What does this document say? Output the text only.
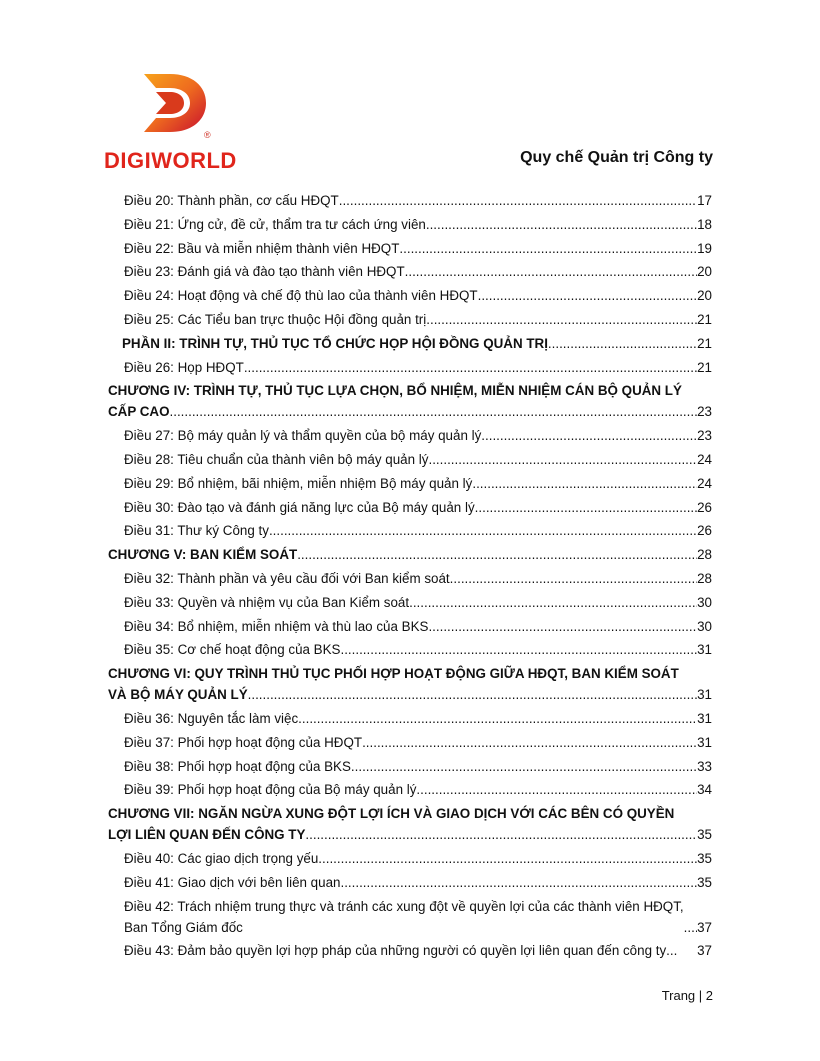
®
DIGIWORLD	Quy chế Quản trị Công ty
Điều 20: Thành phần, cơ cấu HĐQT .....	17
Điều 21: Ứng cử, đề cử, thẩm tra tư cách ứng viên .....	18
Điều 22: Bầu và miễn nhiệm thành viên HĐQT .....	19
Điều 23: Đánh giá và đào tạo thành viên HĐQT .....	20
Điều 24: Hoạt động và chế độ thù lao của thành viên HĐQT .....	20
Điều 25: Các Tiểu ban trực thuộc Hội đồng quản trị .....	21
PHẦN II: TRÌNH TỰ, THỦ TỤC TỔ CHỨC HỌP HỘI ĐỒNG QUẢN TRỊ .....	21
Điều 26: Họp HĐQT .....	21
CHƯƠNG IV: TRÌNH TỰ, THỦ TỤC LỰA CHỌN, BỔ NHIỆM, MIỄN NHIỆM CÁN BỘ QUẢN LÝ
CẤP CAO .....	23
Điều 27: Bộ máy quản lý và thẩm quyền của bộ máy quản lý .....	23
Điều 28: Tiêu chuẩn của thành viên bộ máy quản lý .....	24
Điều 29: Bổ nhiệm, bãi nhiệm, miễn nhiệm Bộ máy quản lý .....	24
Điều 30: Đào tạo và đánh giá năng lực của Bộ máy quản lý .....	26
Điều 31: Thư ký Công ty .....	26
CHƯƠNG V: BAN KIỂM SOÁT .....	28
Điều 32: Thành phần và yêu cầu đối với Ban kiểm soát .....	28
Điều 33: Quyền và nhiệm vụ của Ban Kiểm soát .....	30
Điều 34: Bổ nhiệm, miễn nhiệm và thù lao của BKS .....	30
Điều 35: Cơ chế hoạt động của BKS .....	31
CHƯƠNG VI: QUY TRÌNH THỦ TỤC PHỐI HỢP HOẠT ĐỘNG GIỮA HĐQT, BAN KIỂM SOÁT
VÀ BỘ MÁY QUẢN LÝ .....	31
Điều 36: Nguyên tắc làm việc .....	31
Điều 37: Phối hợp hoạt động của HĐQT .....	31
Điều 38: Phối hợp hoạt động của BKS .....	33
Điều 39: Phối hợp hoạt động của Bộ máy quản lý .....	34
CHƯƠNG VII: NGĂN NGỪA XUNG ĐỘT LỢI ÍCH VÀ GIAO DỊCH VỚI CÁC BÊN CÓ QUYỀN
LỢI LIÊN QUAN ĐẾN CÔNG TY .....	35
Điều 40: Các giao dịch trọng yếu .....	35
Điều 41: Giao dịch với bên liên quan .....	35
Điều 42: Trách nhiệm trung thực và tránh các xung đột về quyền lợi của các thành viên HĐQT,
Ban Tổng Giám đốc .....	37
Điều 43: Đảm bảo quyền lợi hợp pháp của những người có quyền lợi liên quan đến công ty ... 37
Trang | 2
